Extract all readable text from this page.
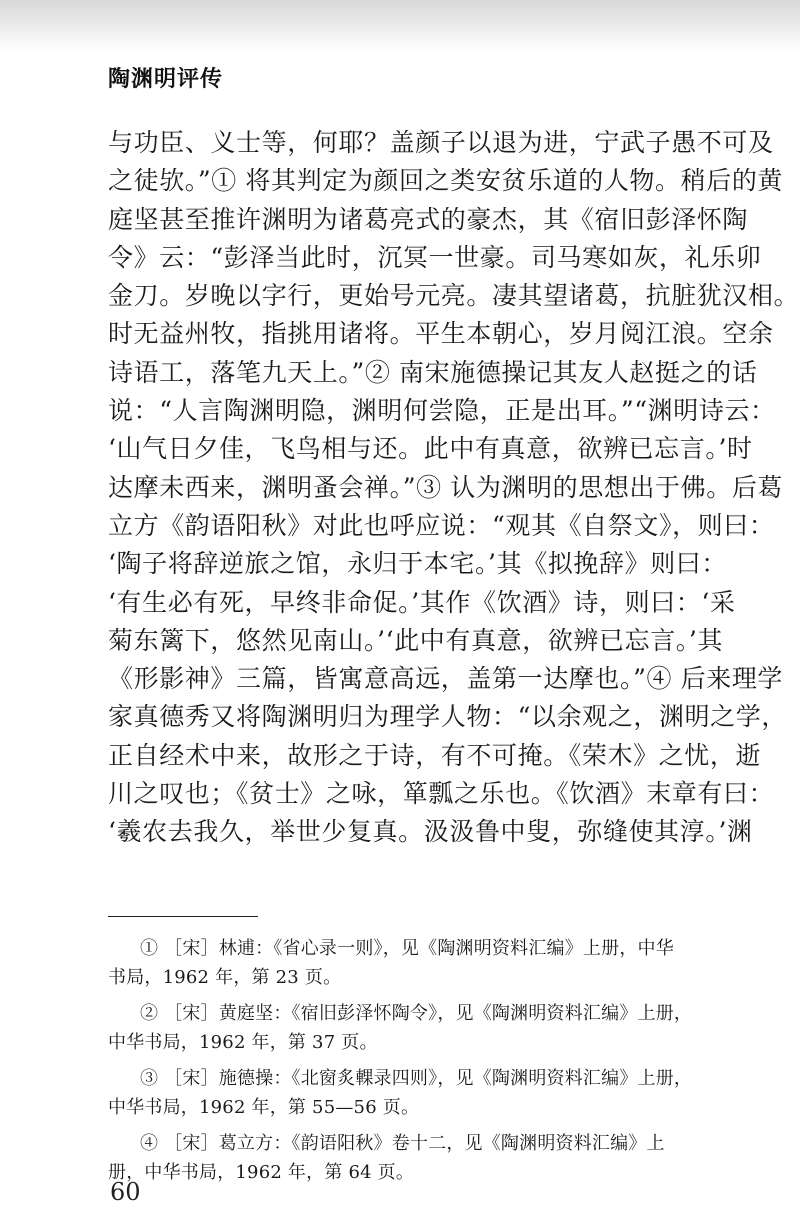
陶渊明评传
与功臣、义士等，何耶？盖颜子以退为进，宁武子愚不可及
之徒欤。”① 将其判定为颜回之类安贫乐道的人物。稍后的黄
庭坚甚至推许渊明为诸葛亮式的豪杰，其《宿旧彭泽怀陶
令》云：“彭泽当此时，沉冥一世豪。司马寒如灰，礼乐卯
金刀。岁晚以字行，更始号元亮。凄其望诸葛，抗脏犹汉相。
时无益州牧，指挑用诸将。平生本朝心，岁月阅江浪。空余
诗语工，落笔九天上。”② 南宋施德操记其友人赵挺之的话
说：“人言陶渊明隐，渊明何尝隐，正是出耳。”“渊明诗云：
‘山气日夕佳，飞鸟相与还。此中有真意，欲辨已忘言。’时
达摩未西来，渊明蚤会禅。”③ 认为渊明的思想出于佛。后葛
立方《韵语阳秋》对此也呼应说：“观其《自祭文》，则曰：
‘陶子将辞逆旅之馆，永归于本宅。’其《拟挽辞》则曰：
‘有生必有死，早终非命促。’其作《饮酒》诗，则曰：‘采
菊东篱下，悠然见南山。’‘此中有真意，欲辨已忘言。’其
《形影神》三篇，皆寓意高远，盖第一达摩也。”④ 后来理学
家真德秀又将陶渊明归为理学人物：“以余观之，渊明之学，
正自经术中来，故形之于诗，有不可掩。《荣木》之忧，逝
川之叹也；《贫士》之咏，箪瓢之乐也。《饮酒》末章有曰：
‘羲农去我久，举世少复真。汲汲鲁中叟，弥缝使其淳。’渊
① ［宋］林逋：《省心录一则》，见《陶渊明资料汇编》上册，中华
书局，1962 年，第 23 页。
② ［宋］黄庭坚：《宿旧彭泽怀陶令》，见《陶渊明资料汇编》上册，
中华书局，1962 年，第 37 页。
③ ［宋］施德操：《北窗炙輠录四则》，见《陶渊明资料汇编》上册，
中华书局，1962 年，第 55—56 页。
④ ［宋］葛立方：《韵语阳秋》卷十二，见《陶渊明资料汇编》上
册，中华书局，1962 年，第 64 页。
60
